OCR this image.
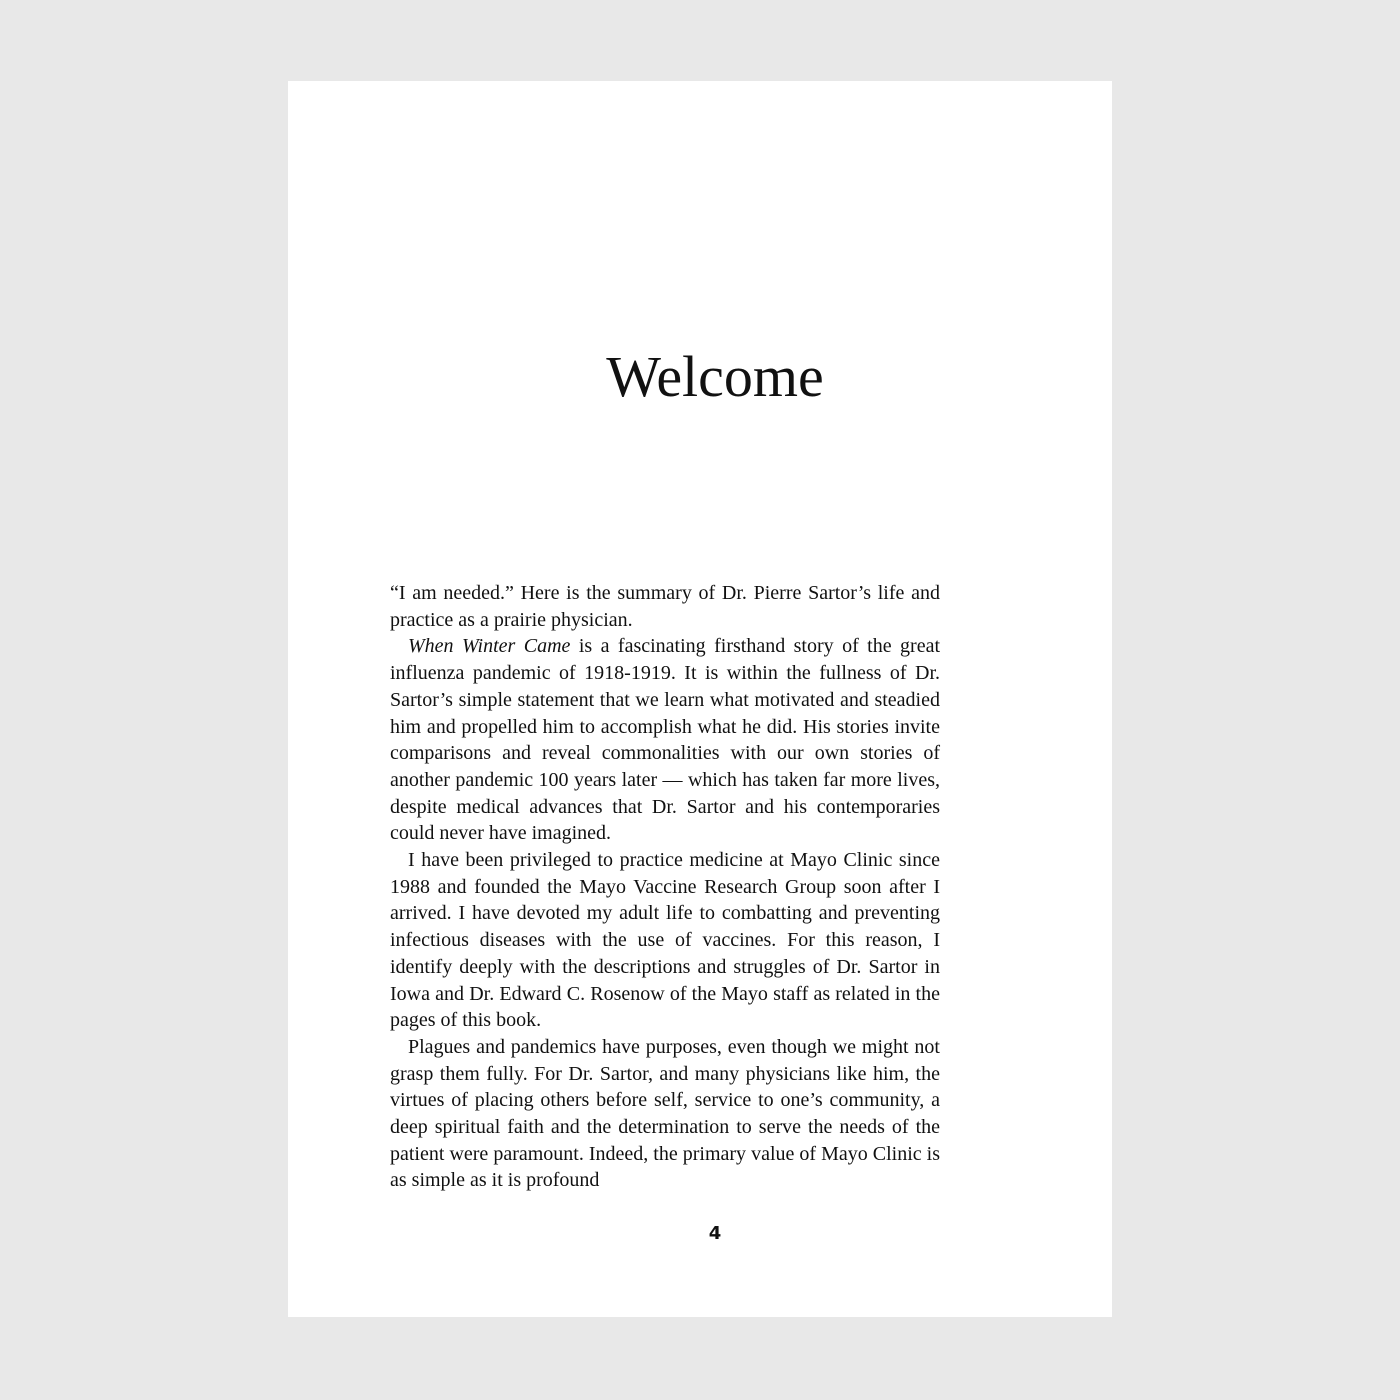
Welcome

“I am needed.” Here is the summary of Dr. Pierre Sartor’s life and practice as a prairie physician.

When Winter Came is a fascinating firsthand story of the great influenza pandemic of 1918-1919. It is within the fullness of Dr. Sartor’s simple statement that we learn what motivated and steadied him and propelled him to accomplish what he did. His stories invite comparisons and reveal commonalities with our own stories of another pandemic 100 years later — which has taken far more lives, despite medical advances that Dr. Sartor and his contemporaries could never have imagined.

I have been privileged to practice medicine at Mayo Clinic since 1988 and founded the Mayo Vaccine Research Group soon after I arrived. I have devoted my adult life to combatting and preventing infectious diseases with the use of vaccines. For this reason, I identify deeply with the descriptions and struggles of Dr. Sartor in Iowa and Dr. Edward C. Rosenow of the Mayo staff as related in the pages of this book.

Plagues and pandemics have purposes, even though we might not grasp them fully. For Dr. Sartor, and many physicians like him, the virtues of placing others before self, service to one’s community, a deep spiritual faith and the determination to serve the needs of the patient were paramount. Indeed, the primary value of Mayo Clinic is as simple as it is profound

4
